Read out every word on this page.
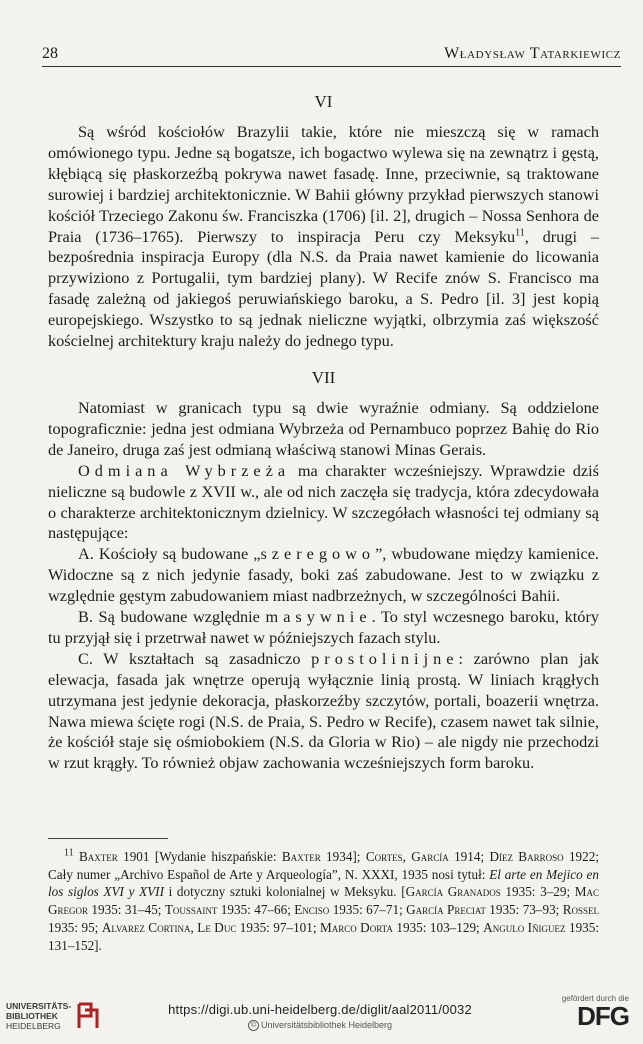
28	Władysław Tatarkiewicz

VI

Są wśród kościołów Brazylii takie, które nie mieszczą się w ramach omówionego typu. Jedne są bogatsze, ich bogactwo wylewa się na zewnątrz i gęstą, kłębiącą się płaskorzeźbą pokrywa nawet fasadę. Inne, przeciwnie, są traktowane surowiej i bardziej architektonicznie. W Bahii główny przykład pierwszych stanowi kościół Trzeciego Zakonu św. Franciszka (1706) [il. 2], drugich – Nossa Senhora de Praia (1736–1765). Pierwszy to inspiracja Peru czy Meksyku$^{11}$, drugi – bezpośrednia inspiracja Europy (dla N.S. da Praia nawet kamienie do licowania przywiziono z Portugalii, tym bardziej plany). W Recife znów S. Francisco ma fasadę zależną od jakiegoś peruwiańskiego baroku, a S. Pedro [il. 3] jest kopią europejskiego. Wszystko to są jednak nieliczne wyjątki, olbrzymia zaś większość kościelnej architektury kraju należy do jednego typu.

VII

Natomiast w granicach typu są dwie wyraźnie odmiany. Są oddzielone topograficznie: jedna jest odmiana Wybrzeża od Pernambuco poprzez Bahię do Rio de Janeiro, druga zaś jest odmianą właściwą stanowi Minas Gerais.

Odmiana Wybrzeża ma charakter wcześniejszy. Wprawdzie dziś nieliczne są budowle z XVII w., ale od nich zaczęła się tradycja, która zdecydowała o charakterze architektonicznym dzielnicy. W szczegółach własności tej odmiany są następujące:

A. Kościoły są budowane „szeregowo”, wbudowane między kamienice. Widoczne są z nich jedynie fasady, boki zaś zabudowane. Jest to w związku z względnie gęstym zabudowaniem miast nadbrzeżnych, w szczególności Bahii.

B. Są budowane względnie masywnie. To styl wczesnego baroku, który tu przyjął się i przetrwał nawet w późniejszych fazach stylu.

C. W kształtach są zasadniczo prostolinijne: zarówno plan jak elewacja, fasada jak wnętrze operują wyłącznie linią prostą. W liniach krągłych utrzymana jest jedynie dekoracja, płaskorzeźby szczytów, portali, boazerii wnętrza. Nawa miewa ścięte rogi (N.S. de Praia, S. Pedro w Recife), czasem nawet tak silnie, że kościół staje się ośmiobokiem (N.S. da Gloria w Rio) – ale nigdy nie przechodzi w rzut krągły. To również objaw zachowania wcześniejszych form baroku.

$^{11}$ Baxter 1901 [Wydanie hiszpańskie: Baxter 1934]; Cortes, García 1914; Díez Barroso 1922; Cały numer „Archivo Español de Arte y Arqueología”, N. XXXI, 1935 nosi tytuł: El arte en Mejico en los siglos XVI y XVII i dotyczny sztuki kolonialnej w Meksyku. [García Granados 1935: 3–29; Mac Gregor 1935: 31–45; Toussaint 1935: 47–66; Enciso 1935: 67–71; García Preciat 1935: 73–93; Rossel 1935: 95; Alvarez Cortina, Le Duc 1935: 97–101; Marco Dorta 1935: 103–129; Angulo Iñiguez 1935: 131–152].

UNIVERSITÄTS-
BIBLIOTHEK
HEIDELBERG
https://digi.ub.uni-heidelberg.de/diglit/aal2011/0032
© Universitätsbibliothek Heidelberg
gefördert durch die
DFG
